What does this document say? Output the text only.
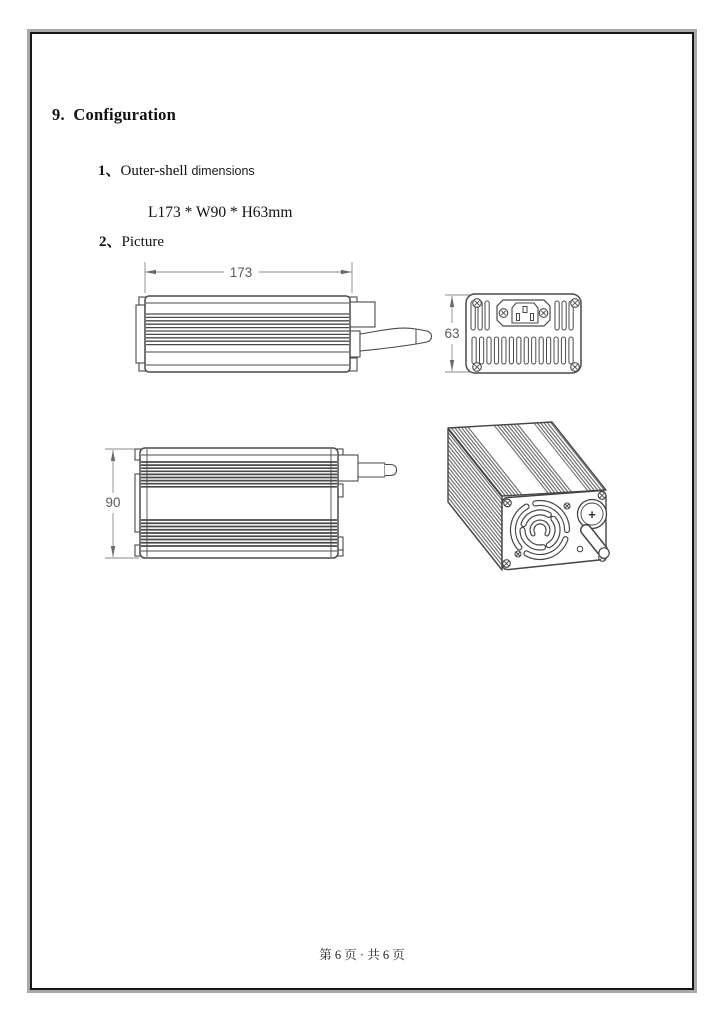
9.  Configuration
1、Outer-shell dimensions
L173 * W90 * H63mm
2、Picture
173
63
90
+
第 6 页 · 共 6 页
